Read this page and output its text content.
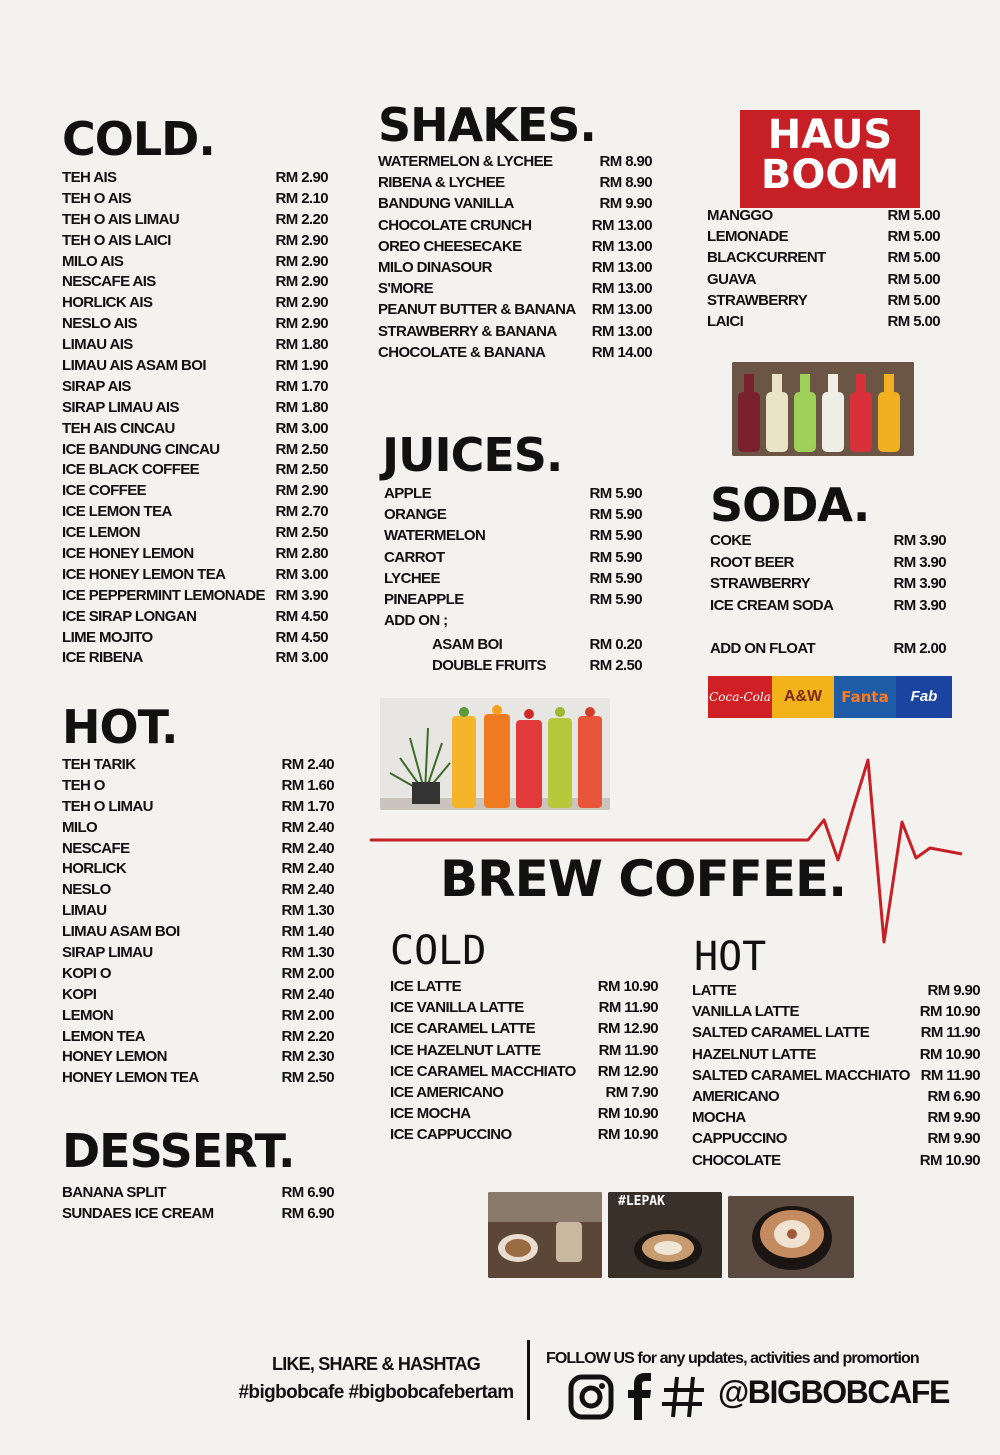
COLD.
TEH AIS	RM 2.90
TEH O AIS	RM 2.10
TEH O AIS LIMAU	RM 2.20
TEH O AIS LAICI	RM 2.90
MILO AIS	RM 2.90
NESCAFE AIS	RM 2.90
HORLICK AIS	RM 2.90
NESLO AIS	RM 2.90
LIMAU AIS	RM 1.80
LIMAU AIS ASAM BOI	RM 1.90
SIRAP AIS	RM 1.70
SIRAP LIMAU AIS	RM 1.80
TEH AIS CINCAU	RM 3.00
ICE BANDUNG CINCAU	RM 2.50
ICE BLACK COFFEE	RM 2.50
ICE COFFEE	RM 2.90
ICE LEMON TEA	RM 2.70
ICE LEMON	RM 2.50
ICE HONEY LEMON	RM 2.80
ICE HONEY LEMON TEA	RM 3.00
ICE PEPPERMINT LEMONADE RM 3.90
ICE SIRAP LONGAN	RM 4.50
LIME MOJITO	RM 4.50
ICE RIBENA	RM 3.00
HOT.
TEH TARIK	RM 2.40
TEH O	RM 1.60
TEH O LIMAU	RM 1.70
MILO	RM 2.40
NESCAFE	RM 2.40
HORLICK	RM 2.40
NESLO	RM 2.40
LIMAU	RM 1.30
LIMAU ASAM BOI	RM 1.40
SIRAP LIMAU	RM 1.30
KOPI O	RM 2.00
KOPI	RM 2.40
LEMON	RM 2.00
LEMON TEA	RM 2.20
HONEY LEMON	RM 2.30
HONEY LEMON TEA	RM 2.50
DESSERT.
BANANA SPLIT	RM 6.90
SUNDAES ICE CREAM	RM 6.90
SHAKES.
WATERMELON & LYCHEE	RM 8.90
RIBENA & LYCHEE	RM 8.90
BANDUNG VANILLA	RM 9.90
CHOCOLATE CRUNCH	RM 13.00
OREO CHEESECAKE	RM 13.00
MILO DINASOUR	RM 13.00
S'MORE	RM 13.00
PEANUT BUTTER & BANANA RM 13.00
STRAWBERRY & BANANA RM 13.00
CHOCOLATE & BANANA	RM 14.00
JUICES.
APPLE	RM 5.90
ORANGE	RM 5.90
WATERMELON	RM 5.90
CARROT	RM 5.90
LYCHEE	RM 5.90
PINEAPPLE	RM 5.90
ADD ON ;
ASAM BOI	RM 0.20
DOUBLE FRUITS	RM 2.50
HAUS
BOOM
MANGGO	RM 5.00
LEMONADE	RM 5.00
BLACKCURRENT	RM 5.00
GUAVA	RM 5.00
STRAWBERRY	RM 5.00
LAICI	RM 5.00
SODA.
COKE	RM 3.90
ROOT BEER	RM 3.90
STRAWBERRY	RM 3.90
ICE CREAM SODA	RM 3.90
ADD ON FLOAT	RM 2.00
Coca-Cola A&W	Fanta	Fab
BREW COFFEE.
COLD
ICE LATTE	RM 10.90
ICE VANILLA LATTE	RM 11.90
ICE CARAMEL LATTE	RM 12.90
ICE HAZELNUT LATTE	RM 11.90
ICE CARAMEL MACCHIATO RM 12.90
ICE AMERICANO	RM 7.90
ICE MOCHA	RM 10.90
ICE CAPPUCCINO	RM 10.90
HOT
LATTE	RM 9.90
VANILLA LATTE	RM 10.90
SALTED CARAMEL LATTE	RM 11.90
HAZELNUT LATTE	RM 10.90
SALTED CARAMEL MACCHIATO RM 11.90
AMERICANO	RM 6.90
MOCHA	RM 9.90
CAPPUCCINO	RM 9.90
CHOCOLATE	RM 10.90
#LEPAK
LIKE, SHARE & HASHTAG
#bigbobcafe #bigbobcafebertam
FOLLOW US for any updates, activities and promortion
@BIGBOBCAFE
